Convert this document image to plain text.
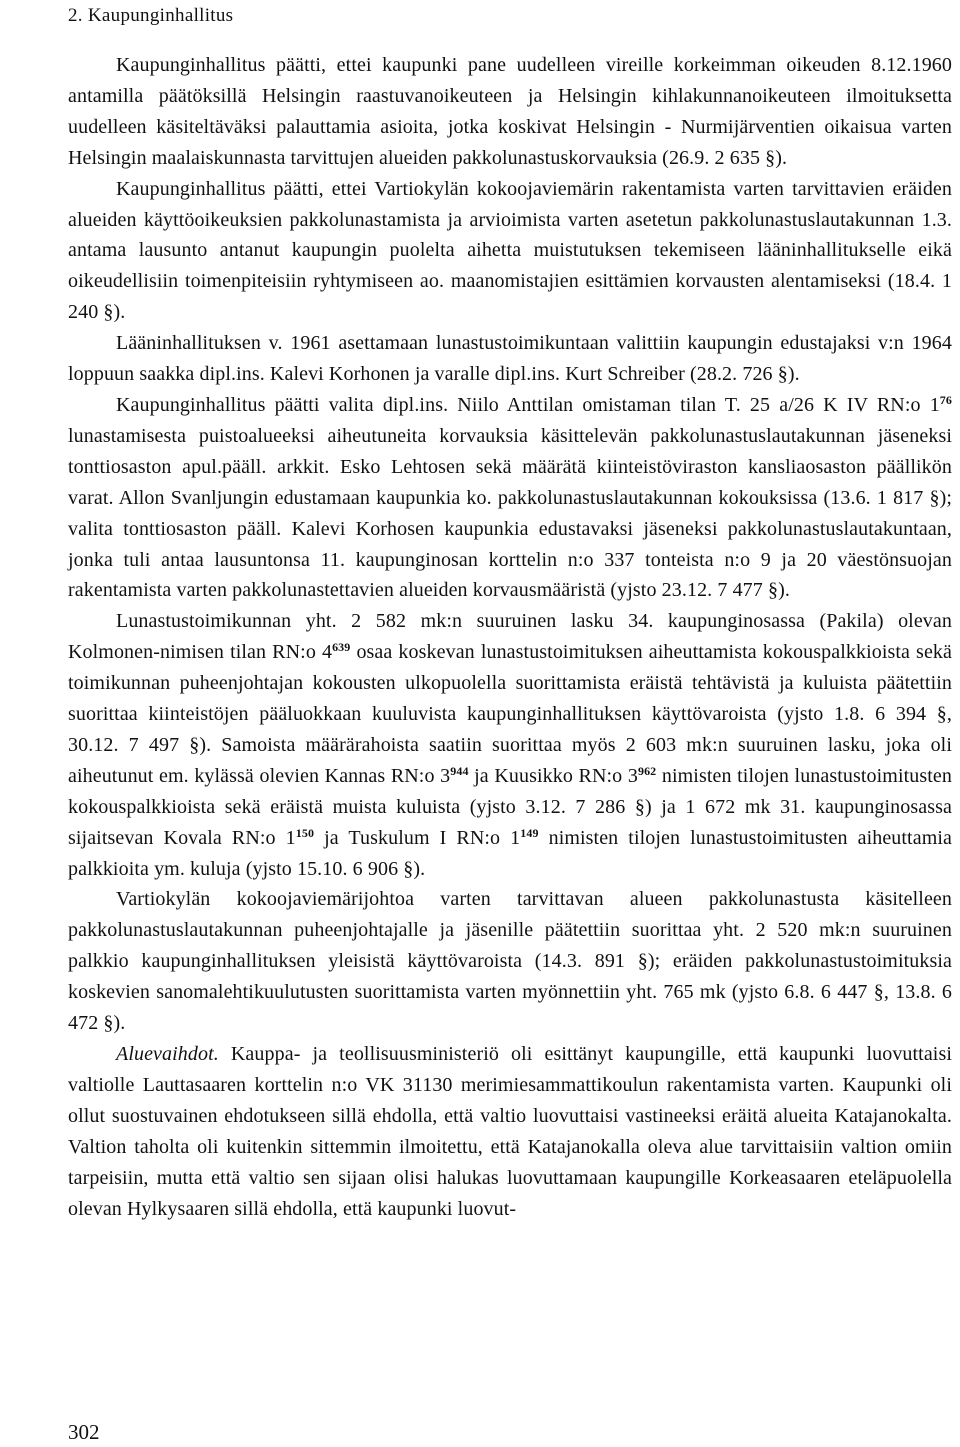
2. Kaupunginhallitus

Kaupunginhallitus päätti, ettei kaupunki pane uudelleen vireille korkeimman oikeuden 8.12.1960 antamilla päätöksillä Helsingin raastuvanoikeuteen ja Helsingin kihlakunnanoikeuteen ilmoituksetta uudelleen käsiteltäväksi palauttamia asioita, jotka koskivat Helsingin - Nurmijärventien oikaisua varten Helsingin maalaiskunnasta tarvittujen alueiden pakkolunastuskorvauksia (26.9. 2 635 §).

Kaupunginhallitus päätti, ettei Vartiokylän kokoojaviemärin rakentamista varten tarvittavien eräiden alueiden käyttöoikeuksien pakkolunastamista ja arvioimista varten asetetun pakkolunastuslautakunnan 1.3. antama lausunto antanut kaupungin puolelta aihetta muistutuksen tekemiseen lääninhallitukselle eikä oikeudellisiin toimenpiteisiin ryhtymiseen ao. maanomistajien esittämien korvausten alentamiseksi (18.4. 1 240 §).

Lääninhallituksen v. 1961 asettamaan lunastustoimikuntaan valittiin kaupungin edustajaksi v:n 1964 loppuun saakka dipl.ins. Kalevi Korhonen ja varalle dipl.ins. Kurt Schreiber (28.2. 726 §).

Kaupunginhallitus päätti valita dipl.ins. Niilo Anttilan omistaman tilan T. 25 a/26 K IV RN:o $1^{76}$ lunastamisesta puistoalueeksi aiheutuneita korvauksia käsittelevän pakkolunastuslautakunnan jäseneksi tonttiosaston apul.pääll. arkkit. Esko Lehtosen sekä määrätä kiinteistöviraston kansliaosaston päällikön varat. Allon Svanljungin edustamaan kaupunkia ko. pakkolunastuslautakunnan kokouksissa (13.6. 1 817 §); valita tonttiosaston pääll. Kalevi Korhosen kaupunkia edustavaksi jäseneksi pakkolunastuslautakuntaan, jonka tuli antaa lausuntonsa 11. kaupunginosan korttelin n:o 337 tonteista n:o 9 ja 20 väestönsuojan rakentamista varten pakkolunastettavien alueiden korvausmääristä (yjsto 23.12. 7 477 §).

Lunastustoimikunnan yht. 2 582 mk:n suuruinen lasku 34. kaupunginosassa (Pakila) olevan Kolmonen-nimisen tilan RN:o $4^{639}$ osaa koskevan lunastustoimituksen aiheuttamista kokouspalkkioista sekä toimikunnan puheenjohtajan kokousten ulkopuolella suorittamista eräistä tehtävistä ja kuluista päätettiin suorittaa kiinteistöjen pääluokkaan kuuluvista kaupunginhallituksen käyttövaroista (yjsto 1.8. 6 394 §, 30.12. 7 497 §). Samoista määrärahoista saatiin suorittaa myös 2 603 mk:n suuruinen lasku, joka oli aiheutunut em. kylässä olevien Kannas RN:o $3^{944}$ ja Kuusikko RN:o $3^{962}$ nimisten tilojen lunastustoimitusten kokouspalkkioista sekä eräistä muista kuluista (yjsto 3.12. 7 286 §) ja 1 672 mk 31. kaupunginosassa sijaitsevan Kovala RN:o $1^{150}$ ja Tuskulum I RN:o $1^{149}$ nimisten tilojen lunastustoimitusten aiheuttamia palkkioita ym. kuluja (yjsto 15.10. 6 906 §).

Vartiokylän kokoojaviemärijohtoa varten tarvittavan alueen pakkolunastusta käsitelleen pakkolunastuslautakunnan puheenjohtajalle ja jäsenille päätettiin suorittaa yht. 2 520 mk:n suuruinen palkkio kaupunginhallituksen yleisistä käyttövaroista (14.3. 891 §); eräiden pakkolunastustoimituksia koskevien sanomalehtikuulutusten suorittamista varten myönnettiin yht. 765 mk (yjsto 6.8. 6 447 §, 13.8. 6 472 §).

Aluevaihdot. Kauppa- ja teollisuusministeriö oli esittänyt kaupungille, että kaupunki luovuttaisi valtiolle Lauttasaaren korttelin n:o VK 31130 merimiesammattikoulun rakentamista varten. Kaupunki oli ollut suostuvainen ehdotukseen sillä ehdolla, että valtio luovuttaisi vastineeksi eräitä alueita Katajanokalta. Valtion taholta oli kuitenkin sittemmin ilmoitettu, että Katajanokalla oleva alue tarvittaisiin valtion omiin tarpeisiin, mutta että valtio sen sijaan olisi halukas luovuttamaan kaupungille Korkeasaaren eteläpuolella olevan Hylkysaaren sillä ehdolla, että kaupunki luovut-

302
